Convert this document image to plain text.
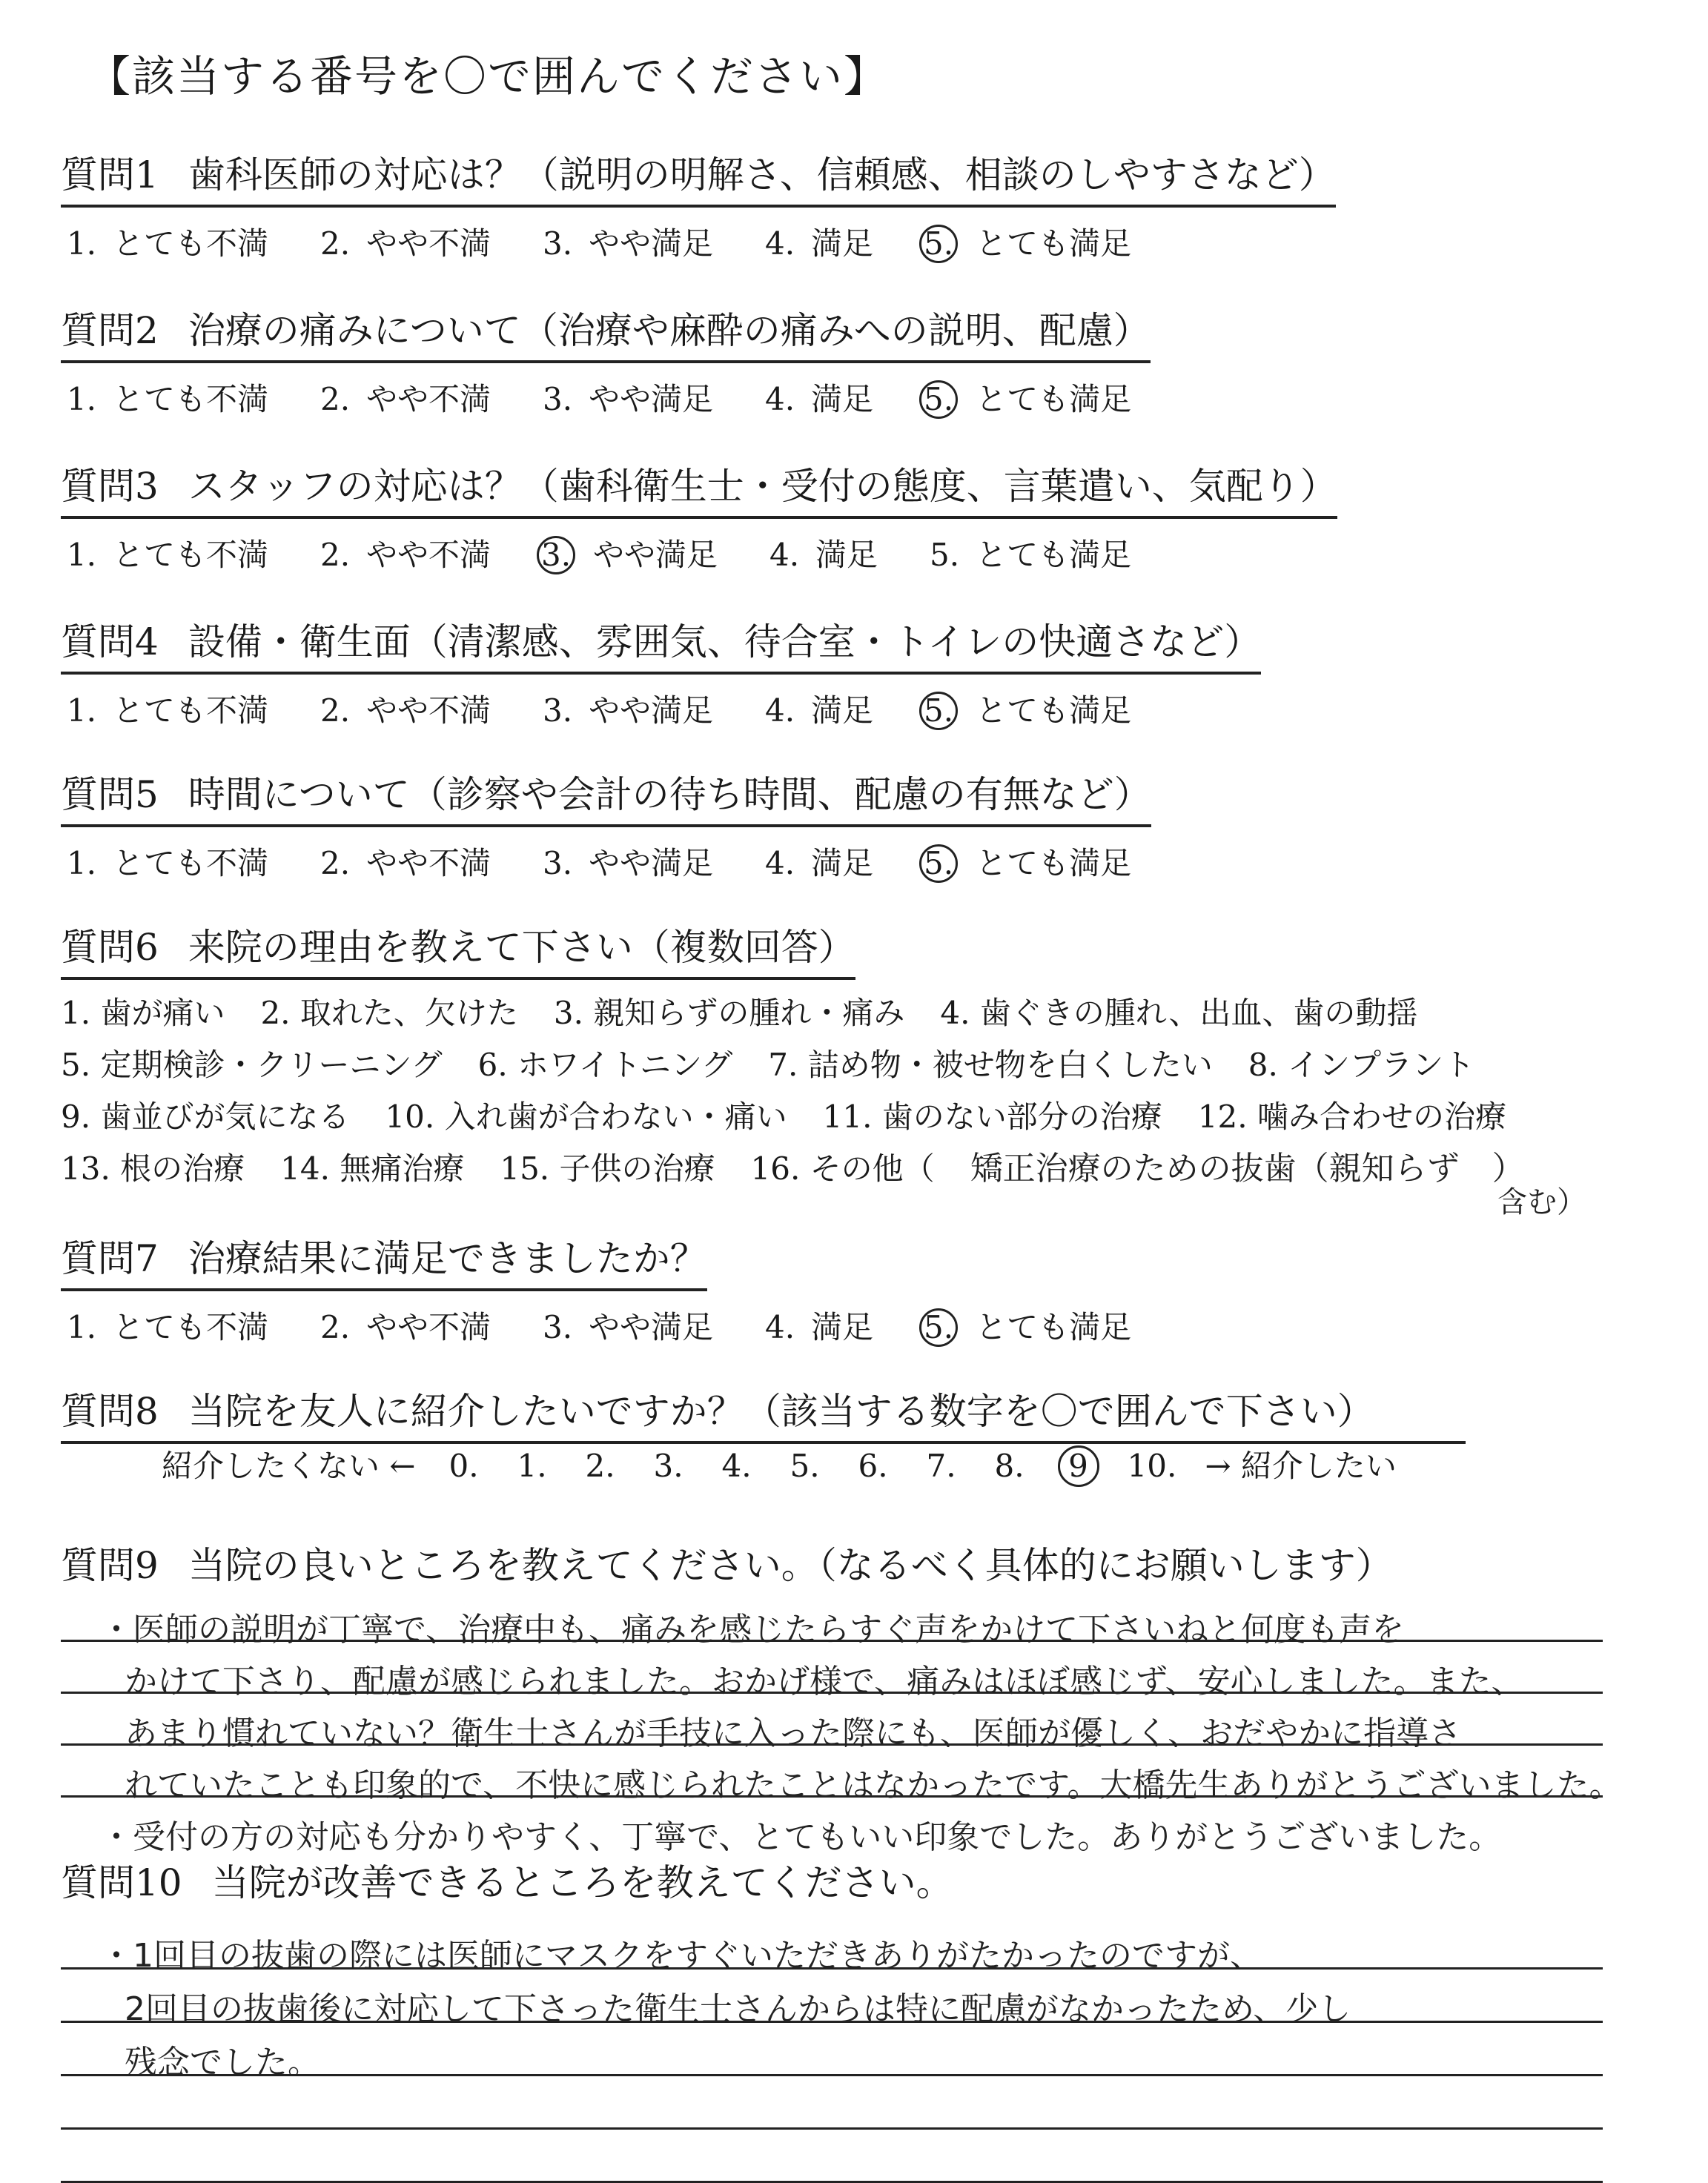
【該当する番号を〇で囲んでください】
質問1 歯科医師の対応は？（説明の明解さ、信頼感、相談のしやすさなど）
1. とても不満 2. やや不満 3. やや満足 4. 満足 5. とても満足
質問2 治療の痛みについて（治療や麻酔の痛みへの説明、配慮）
1. とても不満 2. やや不満 3. やや満足 4. 満足 5. とても満足
質問3 スタッフの対応は？（歯科衛生士・受付の態度、言葉遣い、気配り）
1. とても不満 2. やや不満 3. やや満足 4. 満足 5. とても満足
質問4 設備・衛生面（清潔感、雰囲気、待合室・トイレの快適さなど）
1. とても不満 2. やや不満 3. やや満足 4. 満足 5. とても満足
質問5 時間について（診察や会計の待ち時間、配慮の有無など）
1. とても不満 2. やや不満 3. やや満足 4. 満足 5. とても満足
質問6 来院の理由を教えて下さい（複数回答）
1. 歯が痛い 2. 取れた、欠けた 3. 親知らずの腫れ・痛み 4. 歯ぐきの腫れ、出血、歯の動揺
5. 定期検診・クリーニング 6. ホワイトニング 7. 詰め物・被せ物を白くしたい 8. インプラント
9. 歯並びが気になる 10. 入れ歯が合わない・痛い 11. 歯のない部分の治療 12. 噛み合わせの治療
13. 根の治療 14. 無痛治療 15. 子供の治療 16. その他（ 矯正治療のための抜歯（親知らず　）
含む）
質問7 治療結果に満足できましたか？
1. とても不満 2. やや不満 3. やや満足 4. 満足 5. とても満足
質問8 当院を友人に紹介したいですか？（該当する数字を〇で囲んで下さい）
紹介したくない ← 0. 1. 2. 3. 4. 5. 6. 7. 8. 9 10. → 紹介したい
質問9 当院の良いところを教えてください。（なるべく具体的にお願いします）
・医師の説明が丁寧で、治療中も、痛みを感じたらすぐ声をかけて下さいねと何度も声を
かけて下さり、配慮が感じられました。おかげ様で、痛みはほぼ感じず、安心しました。また、
あまり慣れていない？衛生士さんが手技に入った際にも、医師が優しく、おだやかに指導さ
れていたことも印象的で、不快に感じられたことはなかったです。大橋先生ありがとうございました。
・受付の方の対応も分かりやすく、丁寧で、とてもいい印象でした。ありがとうございました。
質問10 当院が改善できるところを教えてください。
・1回目の抜歯の際には医師にマスクをすぐいただきありがたかったのですが、
2回目の抜歯後に対応して下さった衛生士さんからは特に配慮がなかったため、少し
残念でした。
